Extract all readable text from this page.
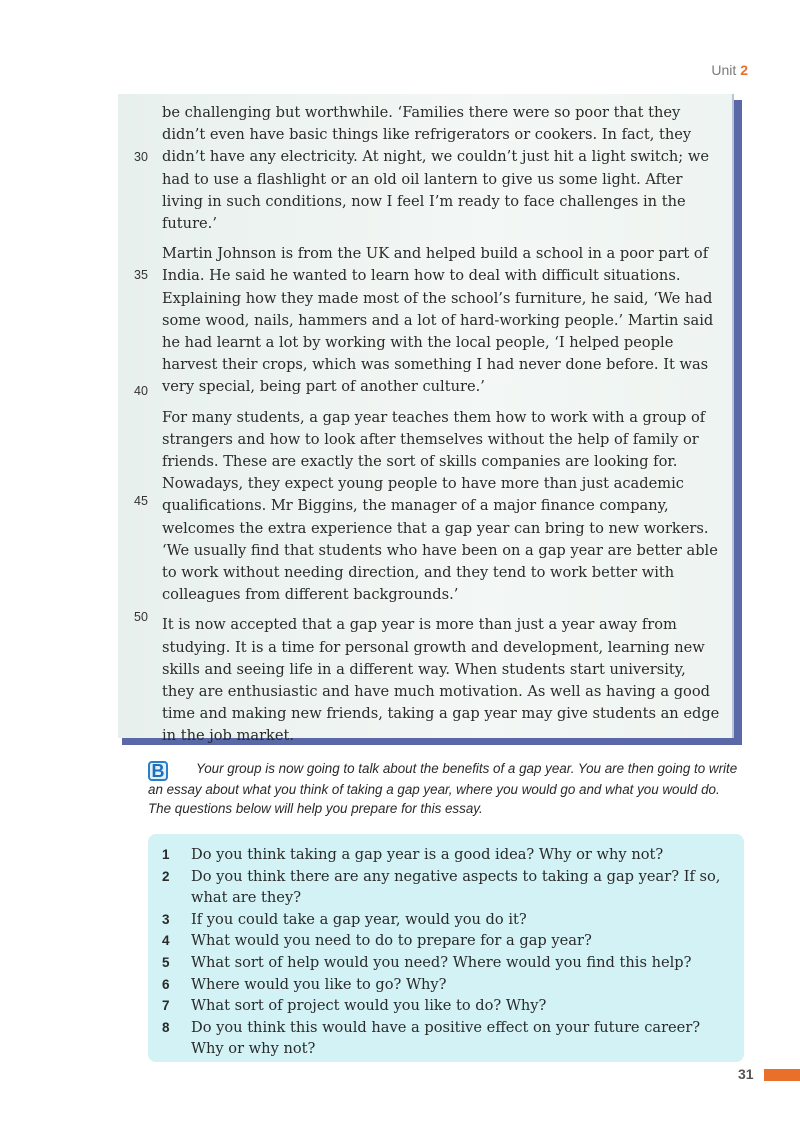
Unit 2
30
35
40
45
50

be challenging but worthwhile. ‘Families there were so poor that they didn’t even have basic things like refrigerators or cookers. In fact, they didn’t have any electricity. At night, we couldn’t just hit a light switch; we had to use a flashlight or an old oil lantern to give us some light. After living in such conditions, now I feel I’m ready to face challenges in the future.’

Martin Johnson is from the UK and helped build a school in a poor part of India. He said he wanted to learn how to deal with difficult situations. Explaining how they made most of the school’s furniture, he said, ‘We had some wood, nails, hammers and a lot of hard-working people.’ Martin said he had learnt a lot by working with the local people, ‘I helped people harvest their crops, which was something I had never done before. It was very special, being part of another culture.’

For many students, a gap year teaches them how to work with a group of strangers and how to look after themselves without the help of family or friends. These are exactly the sort of skills companies are looking for. Nowadays, they expect young people to have more than just academic qualifications. Mr Biggins, the manager of a major finance company, welcomes the extra experience that a gap year can bring to new workers. ‘We usually find that students who have been on a gap year are better able to work without needing direction, and they tend to work better with colleagues from different backgrounds.’

It is now accepted that a gap year is more than just a year away from studying. It is a time for personal growth and development, learning new skills and seeing life in a different way. When students start university, they are enthusiastic and have much motivation. As well as having a good time and making new friends, taking a gap year may give students an edge in the job market.

B Your group is now going to talk about the benefits of a gap year. You are then going to write an essay about what you think of taking a gap year, where you would go and what you would do. The questions below will help you prepare for this essay.
1	Do you think taking a gap year is a good idea? Why or why not?
2	Do you think there are any negative aspects to taking a gap year? If so, what are they?
3	If you could take a gap year, would you do it?
4	What would you need to do to prepare for a gap year?
5	What sort of help would you need? Where would you find this help?
6	Where would you like to go? Why?
7	What sort of project would you like to do? Why?
8	Do you think this would have a positive effect on your future career? Why or why not?
31
